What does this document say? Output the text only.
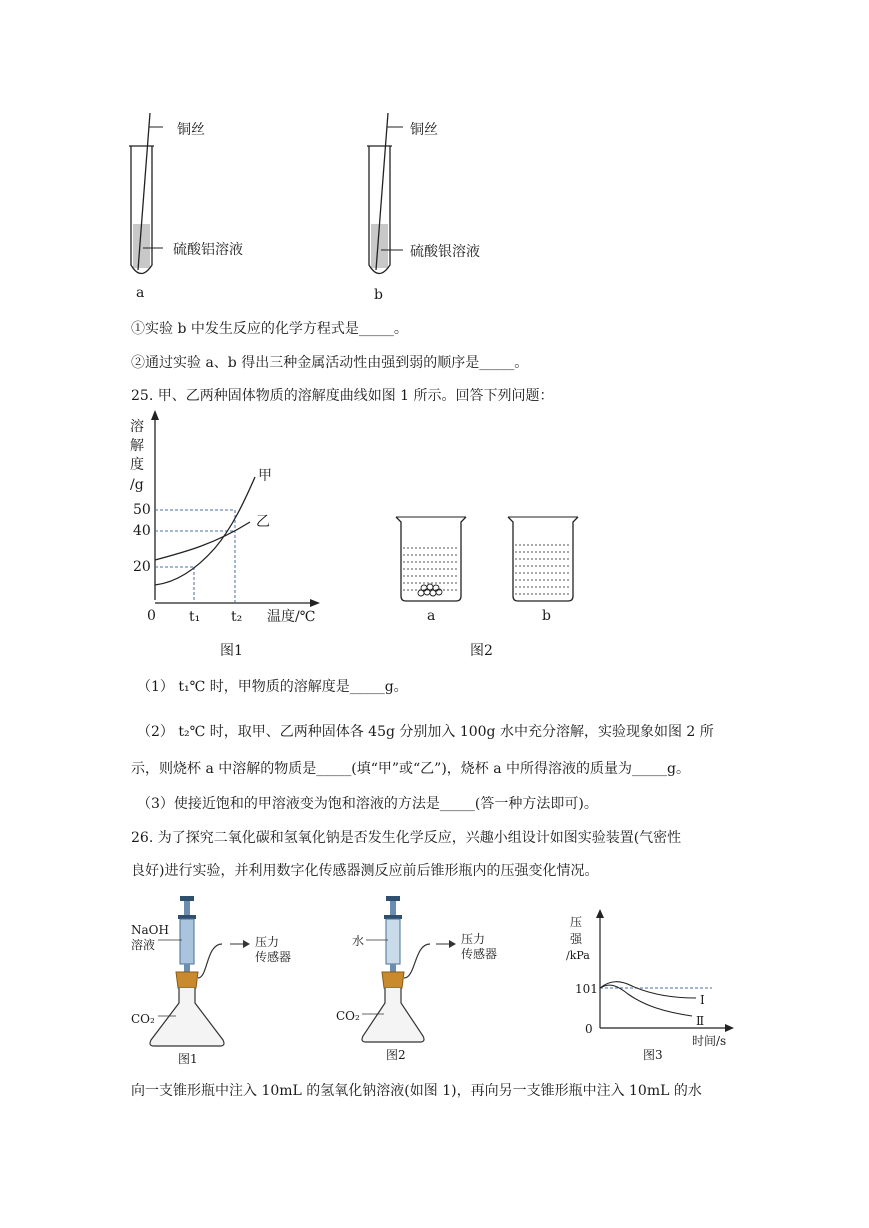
铜丝
硫酸铝溶液
a
铜丝
硫酸银溶液
b
①实验 b 中发生反应的化学方程式是_____。
②通过实验 a、b 得出三种金属活动性由强到弱的顺序是_____。
25. 甲、乙两种固体物质的溶解度曲线如图 1 所示。回答下列问题：
溶
解
度
/g
50
40
20
0 t₁ t₂ 温度/℃
甲
乙
图1
a	b
图2
（1） t₁℃ 时，甲物质的溶解度是_____g。
（2） t₂℃ 时，取甲、乙两种固体各 45g 分别加入 100g 水中充分溶解，实验现象如图 2 所
示，则烧杯 a 中溶解的物质是_____(填“甲”或“乙”)，烧杯 a 中所得溶液的质量为_____g。
（3）使接近饱和的甲溶液变为饱和溶液的方法是_____(答一种方法即可)。
26. 为了探究二氧化碳和氢氧化钠是否发生化学反应，兴趣小组设计如图实验装置(气密性
良好)进行实验，并利用数字化传感器测反应前后锥形瓶内的压强变化情况。
NaOH
溶液	压力
传感器
CO₂
图1
水	压力
传感器
CO₂
图2
压
强
/kPa
101
0
Ⅰ
Ⅱ
时间/s
图3
向一支锥形瓶中注入 10mL 的氢氧化钠溶液(如图 1)，再向另一支锥形瓶中注入 10mL 的水
